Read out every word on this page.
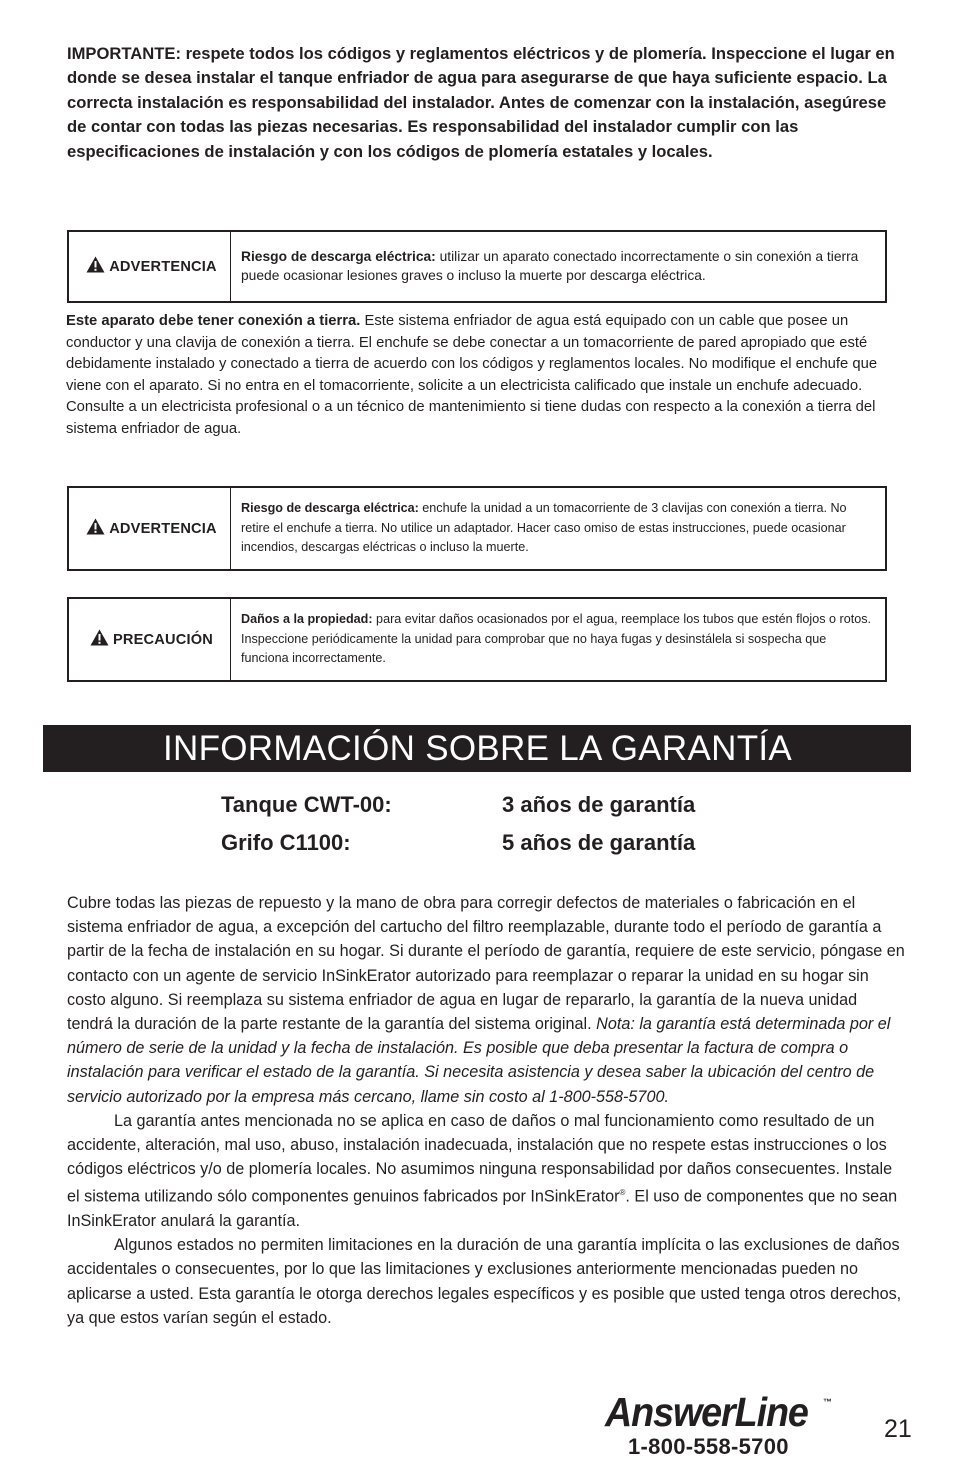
IMPORTANTE: respete todos los códigos y reglamentos eléctricos y de plomería. Inspeccione el lugar en donde se desea instalar el tanque enfriador de agua para asegurarse de que haya suficiente espacio. La correcta instalación es responsabilidad del instalador. Antes de comenzar con la instalación, asegúrese de contar con todas las piezas necesarias. Es responsabilidad del instalador cumplir con las especificaciones de instalación y con los códigos de plomería estatales y locales.
ADVERTENCIA

Riesgo de descarga eléctrica: utilizar un aparato conectado incorrectamente o sin conexión a tierra puede ocasionar lesiones graves o incluso la muerte por descarga eléctrica.

Este aparato debe tener conexión a tierra. Este sistema enfriador de agua está equipado con un cable que posee un conductor y una clavija de conexión a tierra. El enchufe se debe conectar a un tomacorriente de pared apropiado que esté debidamente instalado y conectado a tierra de acuerdo con los códigos y reglamentos locales. No modifique el enchufe que viene con el aparato. Si no entra en el tomacorriente, solicite a un electricista calificado que instale un enchufe adecuado. Consulte a un electricista profesional o a un técnico de mantenimiento si tiene dudas con respecto a la conexión a tierra del sistema enfriador de agua.
ADVERTENCIA

Riesgo de descarga eléctrica: enchufe la unidad a un tomacorriente de 3 clavijas con conexión a tierra. No retire el enchufe a tierra. No utilice un adaptador. Hacer caso omiso de estas instrucciones, puede ocasionar incendios, descargas eléctricas o incluso la muerte.

PRECAUCIÓN

Daños a la propiedad: para evitar daños ocasionados por el agua, reemplace los tubos que estén flojos o rotos. Inspeccione periódicamente la unidad para comprobar que no haya fugas y desinstálela si sospecha que funciona incorrectamente.

INFORMACIÓN SOBRE LA GARANTÍA
Tanque CWT-00:	3 años de garantía
Grifo C1100:	5 años de garantía

Cubre todas las piezas de repuesto y la mano de obra para corregir defectos de materiales o fabricación en el sistema enfriador de agua, a excepción del cartucho del filtro reemplazable, durante todo el período de garantía a partir de la fecha de instalación en su hogar. Si durante el período de garantía, requiere de este servicio, póngase en contacto con un agente de servicio InSinkErator autorizado para reemplazar o reparar la unidad en su hogar sin costo alguno. Si reemplaza su sistema enfriador de agua en lugar de repararlo, la garantía de la nueva unidad tendrá la duración de la parte restante de la garantía del sistema original. Nota: la garantía está determinada por el número de serie de la unidad y la fecha de instalación. Es posible que deba presentar la factura de compra o instalación para verificar el estado de la garantía. Si necesita asistencia y desea saber la ubicación del centro de servicio autorizado por la empresa más cercano, llame sin costo al 1-800-558-5700.

La garantía antes mencionada no se aplica en caso de daños o mal funcionamiento como resultado de un accidente, alteración, mal uso, abuso, instalación inadecuada, instalación que no respete estas instrucciones o los códigos eléctricos y/o de plomería locales. No asumimos ninguna responsabilidad por daños consecuentes. Instale el sistema utilizando sólo componentes genuinos fabricados por InSinkErator®. El uso de componentes que no sean InSinkErator anulará la garantía.

Algunos estados no permiten limitaciones en la duración de una garantía implícita o las exclusiones de daños accidentales o consecuentes, por lo que las limitaciones y exclusiones anteriormente mencionadas pueden no aplicarse a usted. Esta garantía le otorga derechos legales específicos y es posible que usted tenga otros derechos, ya que estos varían según el estado.

AnswerLine ™
1-800-558-5700
21
